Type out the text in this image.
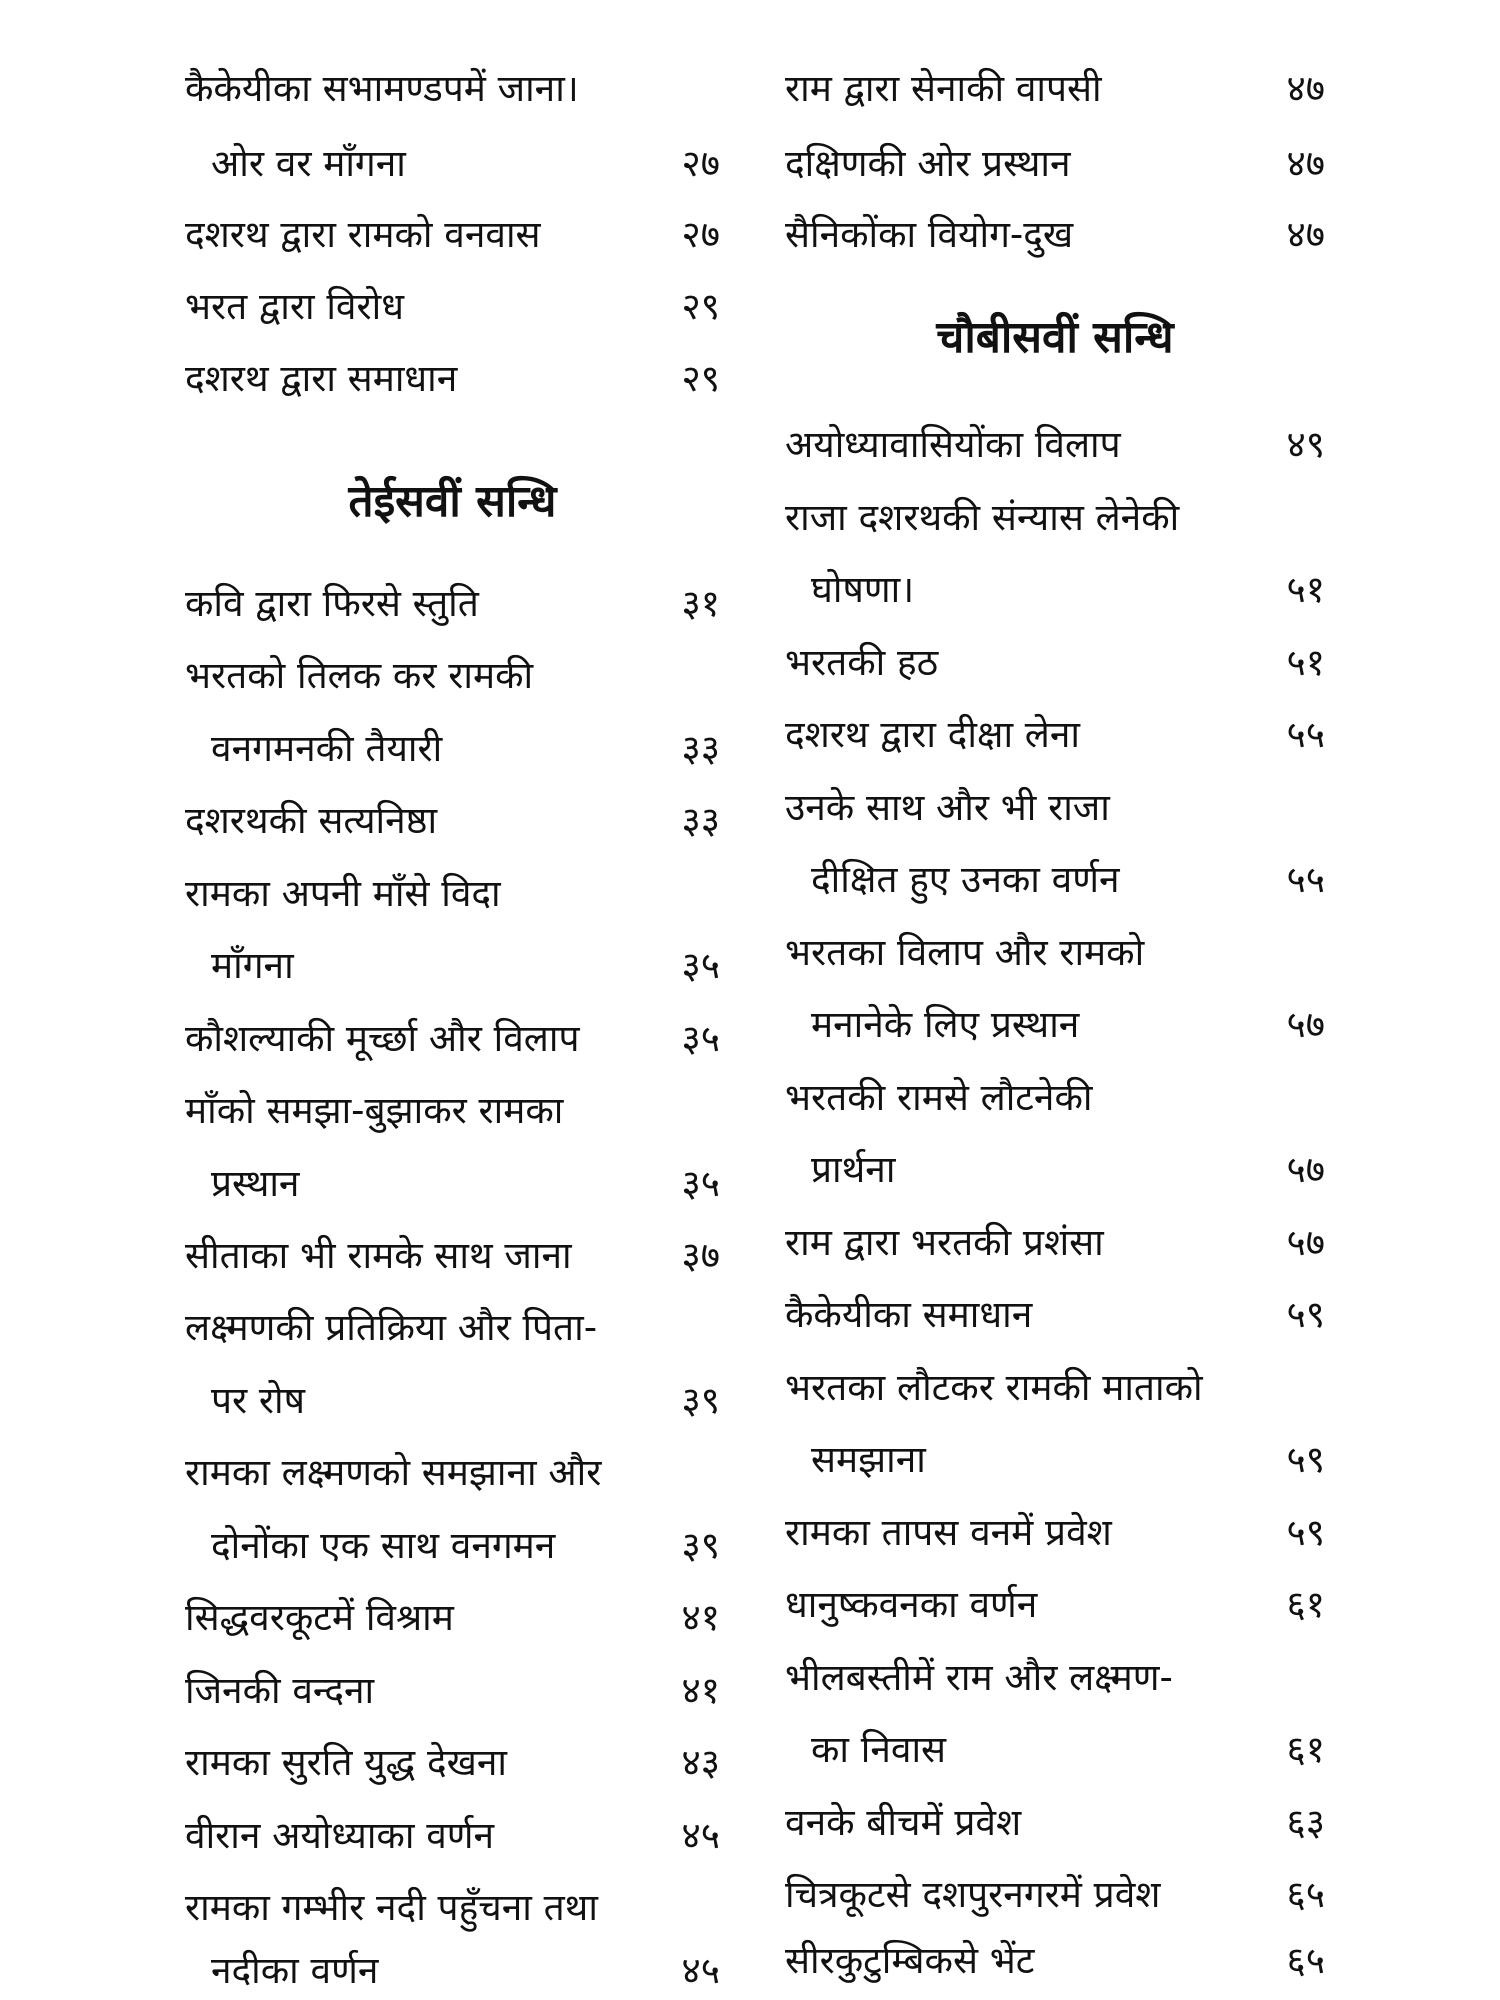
कैकेयीका सभामण्डपमें जाना।
ओर वर माँगना	२७
दशरथ द्वारा रामको वनवास	२७
भरत द्वारा विरोध	२९
दशरथ द्वारा समाधान	२९
तेईसवीं सन्धि
कवि द्वारा फिरसे स्तुति	३१
भरतको तिलक कर रामकी
वनगमनकी तैयारी	३३
दशरथकी सत्यनिष्ठा	३३
रामका अपनी माँसे विदा
माँगना	३५
कौशल्याकी मूर्च्छा और विलाप	३५
माँको समझा-बुझाकर रामका
प्रस्थान	३५
सीताका भी रामके साथ जाना	३७
लक्ष्मणकी प्रतिक्रिया और पिता-
पर रोष	३९
रामका लक्ष्मणको समझाना और
दोनोंका एक साथ वनगमन	३९
सिद्धवरकूटमें विश्राम	४१
जिनकी वन्दना	४१
रामका सुरति युद्ध देखना	४३
वीरान अयोध्याका वर्णन	४५
रामका गम्भीर नदी पहुँचना तथा
नदीका वर्णन	४५
राम द्वारा सेनाकी वापसी	४७
दक्षिणकी ओर प्रस्थान	४७
सैनिकोंका वियोग-दुख	४७
चौबीसवीं सन्धि
अयोध्यावासियोंका विलाप	४९
राजा दशरथकी संन्यास लेनेकी
घोषणा।	५१
भरतकी हठ	५१
दशरथ द्वारा दीक्षा लेना	५५
उनके साथ और भी राजा
दीक्षित हुए उनका वर्णन	५५
भरतका विलाप और रामको
मनानेके लिए प्रस्थान	५७
भरतकी रामसे लौटनेकी
प्रार्थना	५७
राम द्वारा भरतकी प्रशंसा	५७
कैकेयीका समाधान	५९
भरतका लौटकर रामकी माताको
समझाना	५९
रामका तापस वनमें प्रवेश	५९
धानुष्कवनका वर्णन	६१
भीलबस्तीमें राम और लक्ष्मण-
का निवास	६१
वनके बीचमें प्रवेश	६३
चित्रकूटसे दशपुरनगरमें प्रवेश	६५
सीरकुटुम्बिकसे भेंट	६५
